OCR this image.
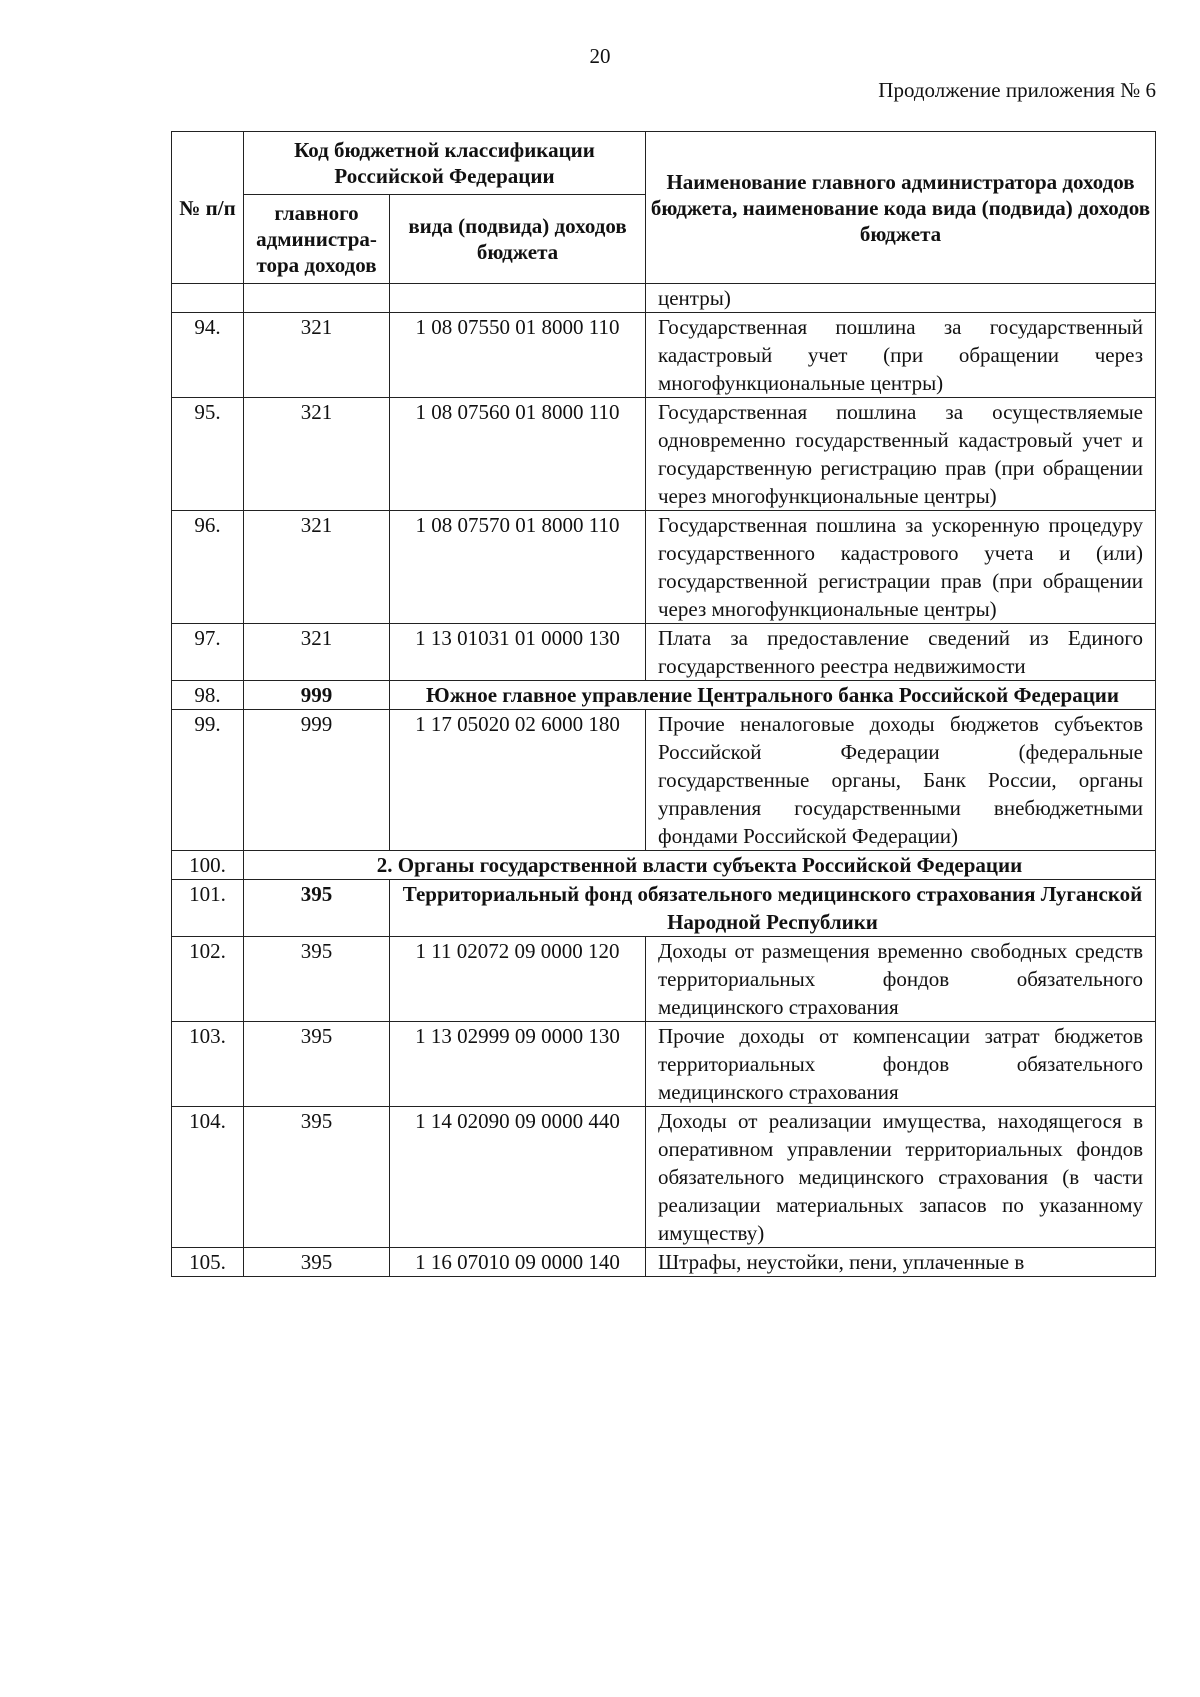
20
Продолжение приложения № 6
№ п/п	Код бюджетной классификации Российской Федерации		Наименование главного администратора доходов бюджета, наименование кода вида (подвида) доходов бюджета
	главного администра-тора доходов	вида (подвида) доходов бюджета	
			центры)
94.	321	1 08 07550 01 8000 110	Государственная пошлина за государственный кадастровый учет (при обращении через многофункциональные центры)
95.	321	1 08 07560 01 8000 110	Государственная пошлина за осуществляемые одновременно государственный кадастровый учет и государственную регистрацию прав (при обращении через многофункциональные центры)
96.	321	1 08 07570 01 8000 110	Государственная пошлина за ускоренную процедуру государственного кадастрового учета и (или) государственной регистрации прав (при обращении через многофункциональные центры)
97.	321	1 13 01031 01 0000 130	Плата за предоставление сведений из Единого государственного реестра недвижимости
98.	999	Южное главное управление Центрального банка Российской Федерации	
99.	999	1 17 05020 02 6000 180	Прочие неналоговые доходы бюджетов субъектов Российской Федерации (федеральные государственные органы, Банк России, органы управления государственными внебюджетными фондами Российской Федерации)
100.	2. Органы государственной власти субъекта Российской Федерации		
101.	395	Территориальный фонд обязательного медицинского страхования Луганской Народной Республики	
102.	395	1 11 02072 09 0000 120	Доходы от размещения временно свободных средств территориальных фондов обязательного медицинского страхования
103.	395	1 13 02999 09 0000 130	Прочие доходы от компенсации затрат бюджетов территориальных фондов обязательного медицинского страхования
104.	395	1 14 02090 09 0000 440	Доходы от реализации имущества, находящегося в оперативном управлении территориальных фондов обязательного медицинского страхования (в части реализации материальных запасов по указанному имуществу)
105.	395	1 16 07010 09 0000 140	Штрафы, неустойки, пени, уплаченные в
